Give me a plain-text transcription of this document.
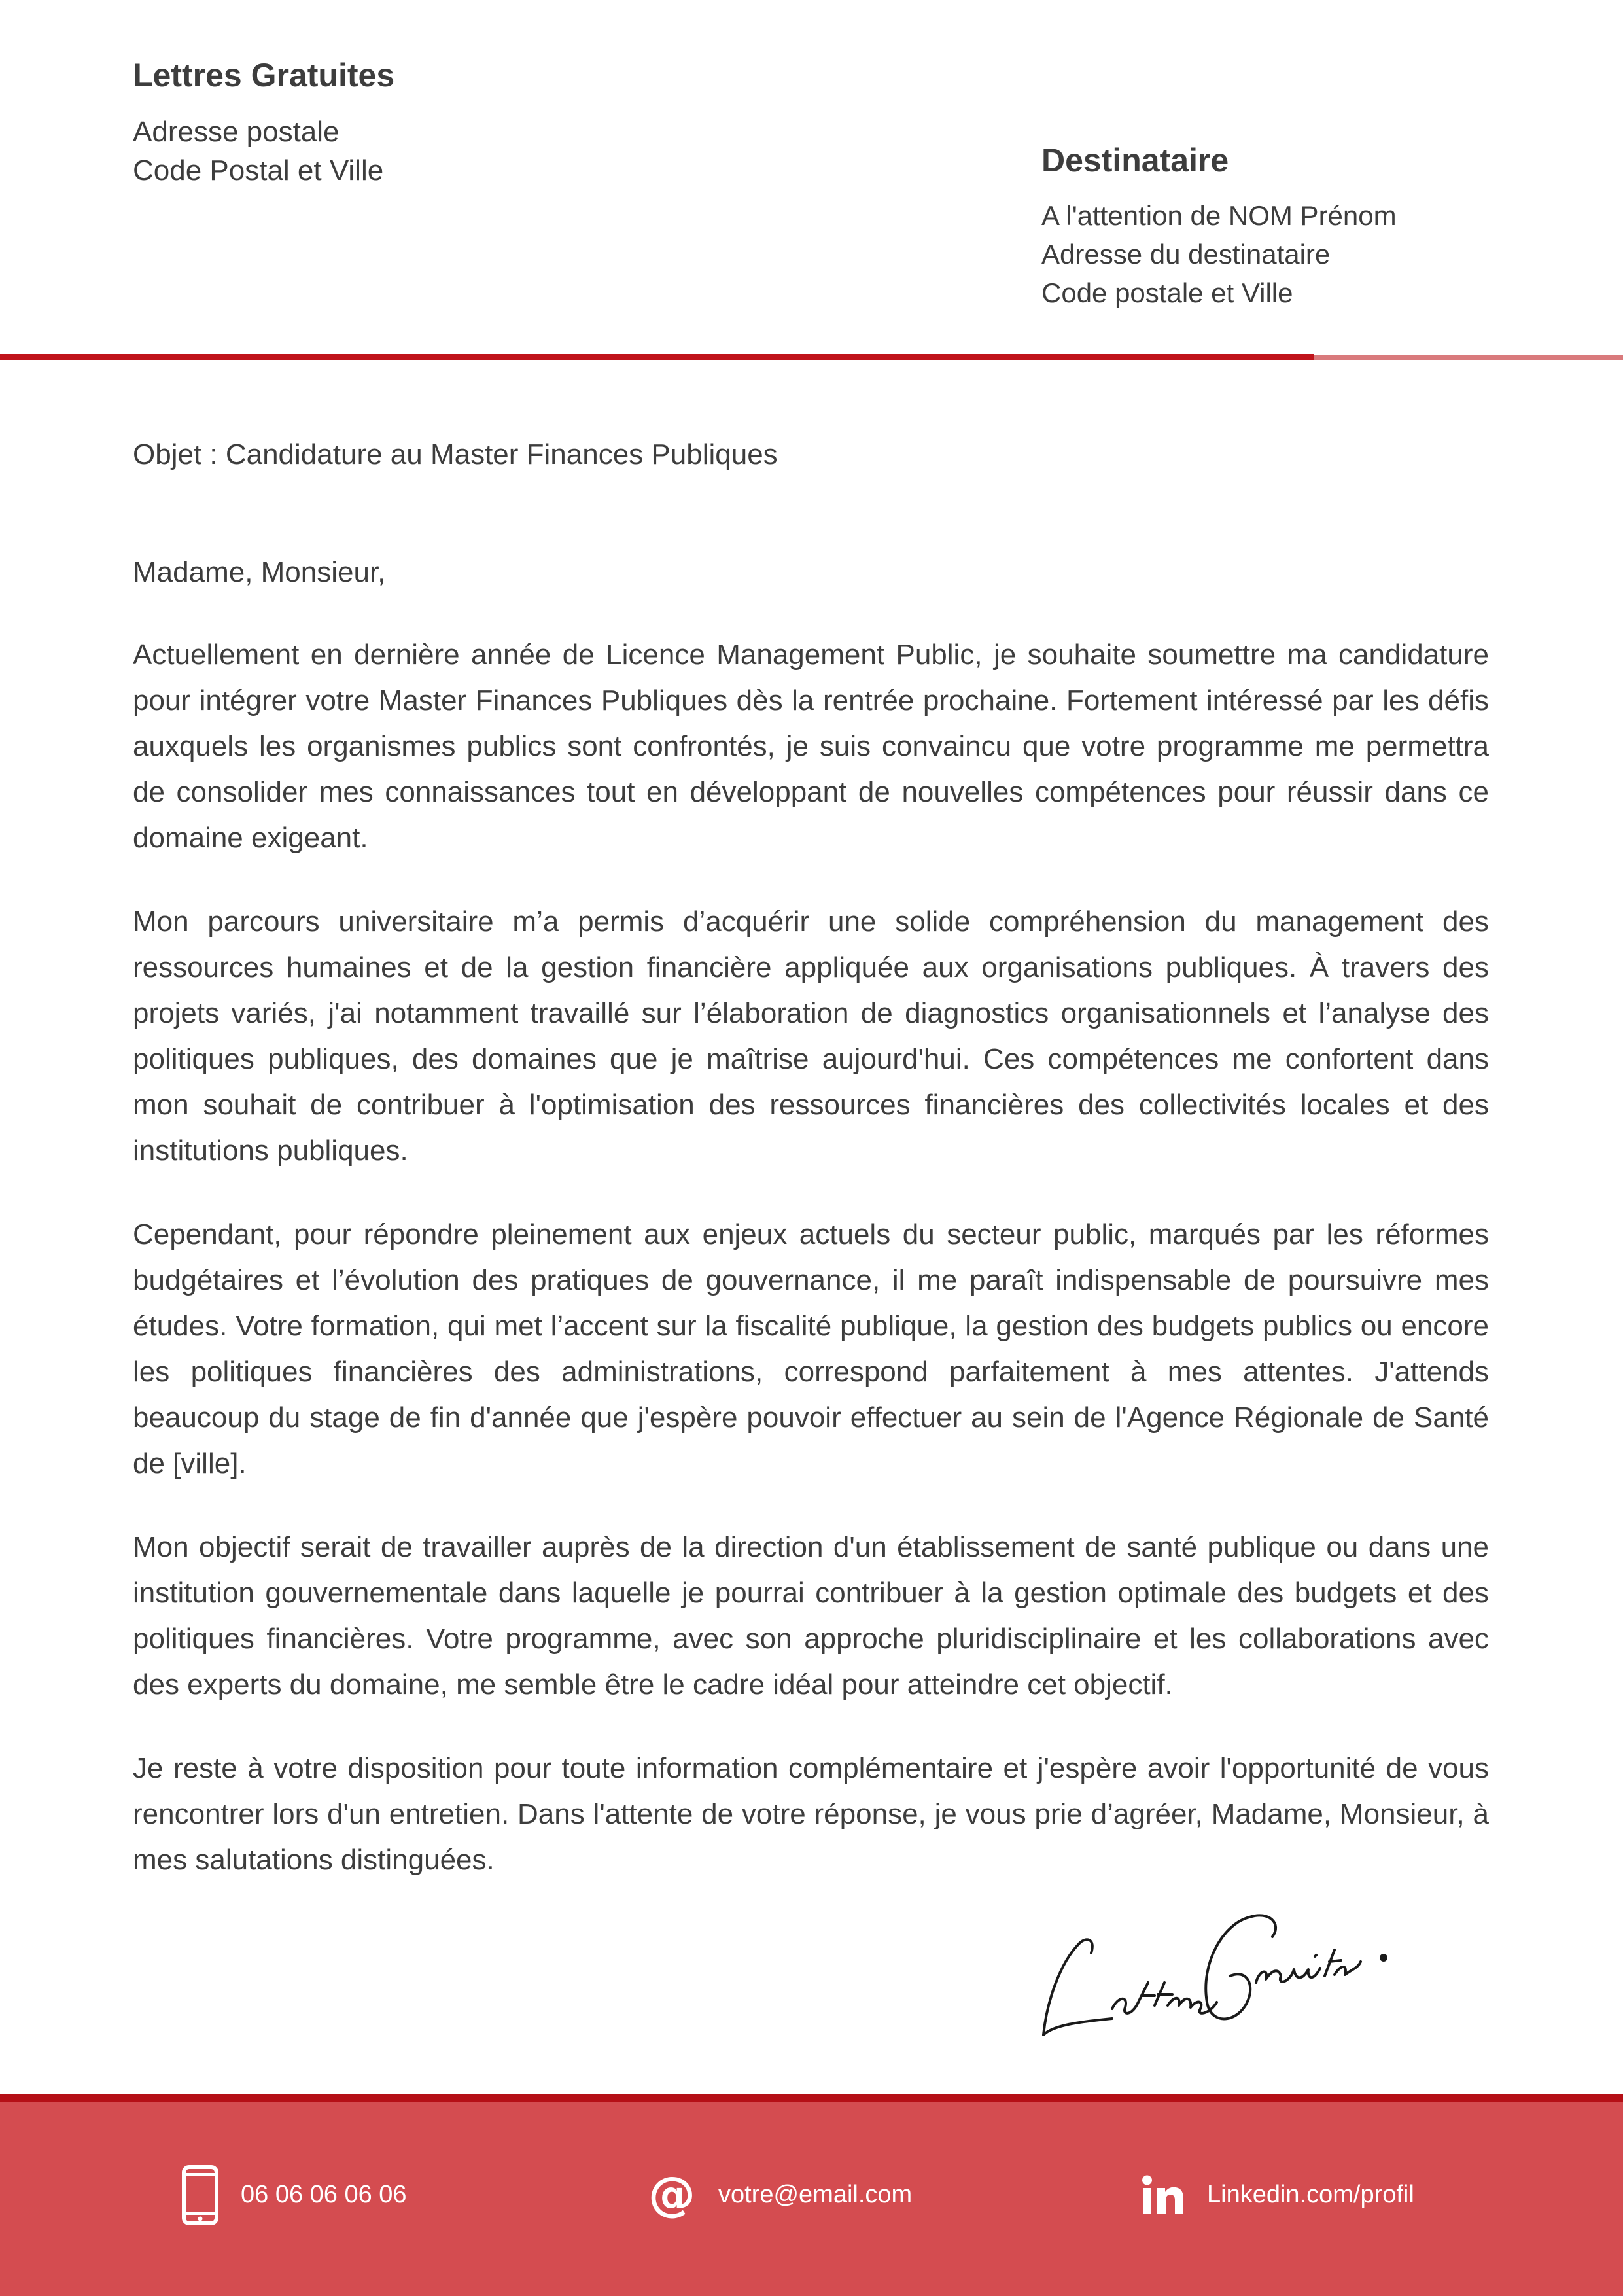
Lettres Gratuites
Adresse postale
Code Postal et Ville	Destinataire
A l'attention de NOM Prénom
Adresse du destinataire
Code postale et Ville
Objet : Candidature au Master Finances Publiques
Madame, Monsieur,

Actuellement en dernière année de Licence Management Public, je souhaite soumettre ma candidature pour intégrer votre Master Finances Publiques dès la rentrée prochaine. Fortement intéressé par les défis auxquels les organismes publics sont confrontés, je suis convaincu que votre programme me permettra de consolider mes connaissances tout en développant de nouvelles compétences pour réussir dans ce domaine exigeant.

Mon parcours universitaire m’a permis d’acquérir une solide compréhension du management des ressources humaines et de la gestion financière appliquée aux organisations publiques. À travers des projets variés, j'ai notamment travaillé sur l’élaboration de diagnostics organisationnels et l’analyse des politiques publiques, des domaines que je maîtrise aujourd'hui. Ces compétences me confortent dans mon souhait de contribuer à l'optimisation des ressources financières des collectivités locales et des institutions publiques.

Cependant, pour répondre pleinement aux enjeux actuels du secteur public, marqués par les réformes budgétaires et l’évolution des pratiques de gouvernance, il me paraît indispensable de poursuivre mes études. Votre formation, qui met l’accent sur la fiscalité publique, la gestion des budgets publics ou encore les politiques financières des administrations, correspond parfaitement à mes attentes. J'attends beaucoup du stage de fin d'année que j'espère pouvoir effectuer au sein de l'Agence Régionale de Santé de [ville].

Mon objectif serait de travailler auprès de la direction d'un établissement de santé publique ou dans une institution gouvernementale dans laquelle je pourrai contribuer à la gestion optimale des budgets et des politiques financières. Votre programme, avec son approche pluridisciplinaire et les collaborations avec des experts du domaine, me semble être le cadre idéal pour atteindre cet objectif.

Je reste à votre disposition pour toute information complémentaire et j'espère avoir l'opportunité de vous rencontrer lors d'un entretien. Dans l'attente de votre réponse, je vous prie d’agréer, Madame, Monsieur, à mes salutations distinguées.

06 06 06 06 06	@ votre@email.com	Linkedin.com/profil
